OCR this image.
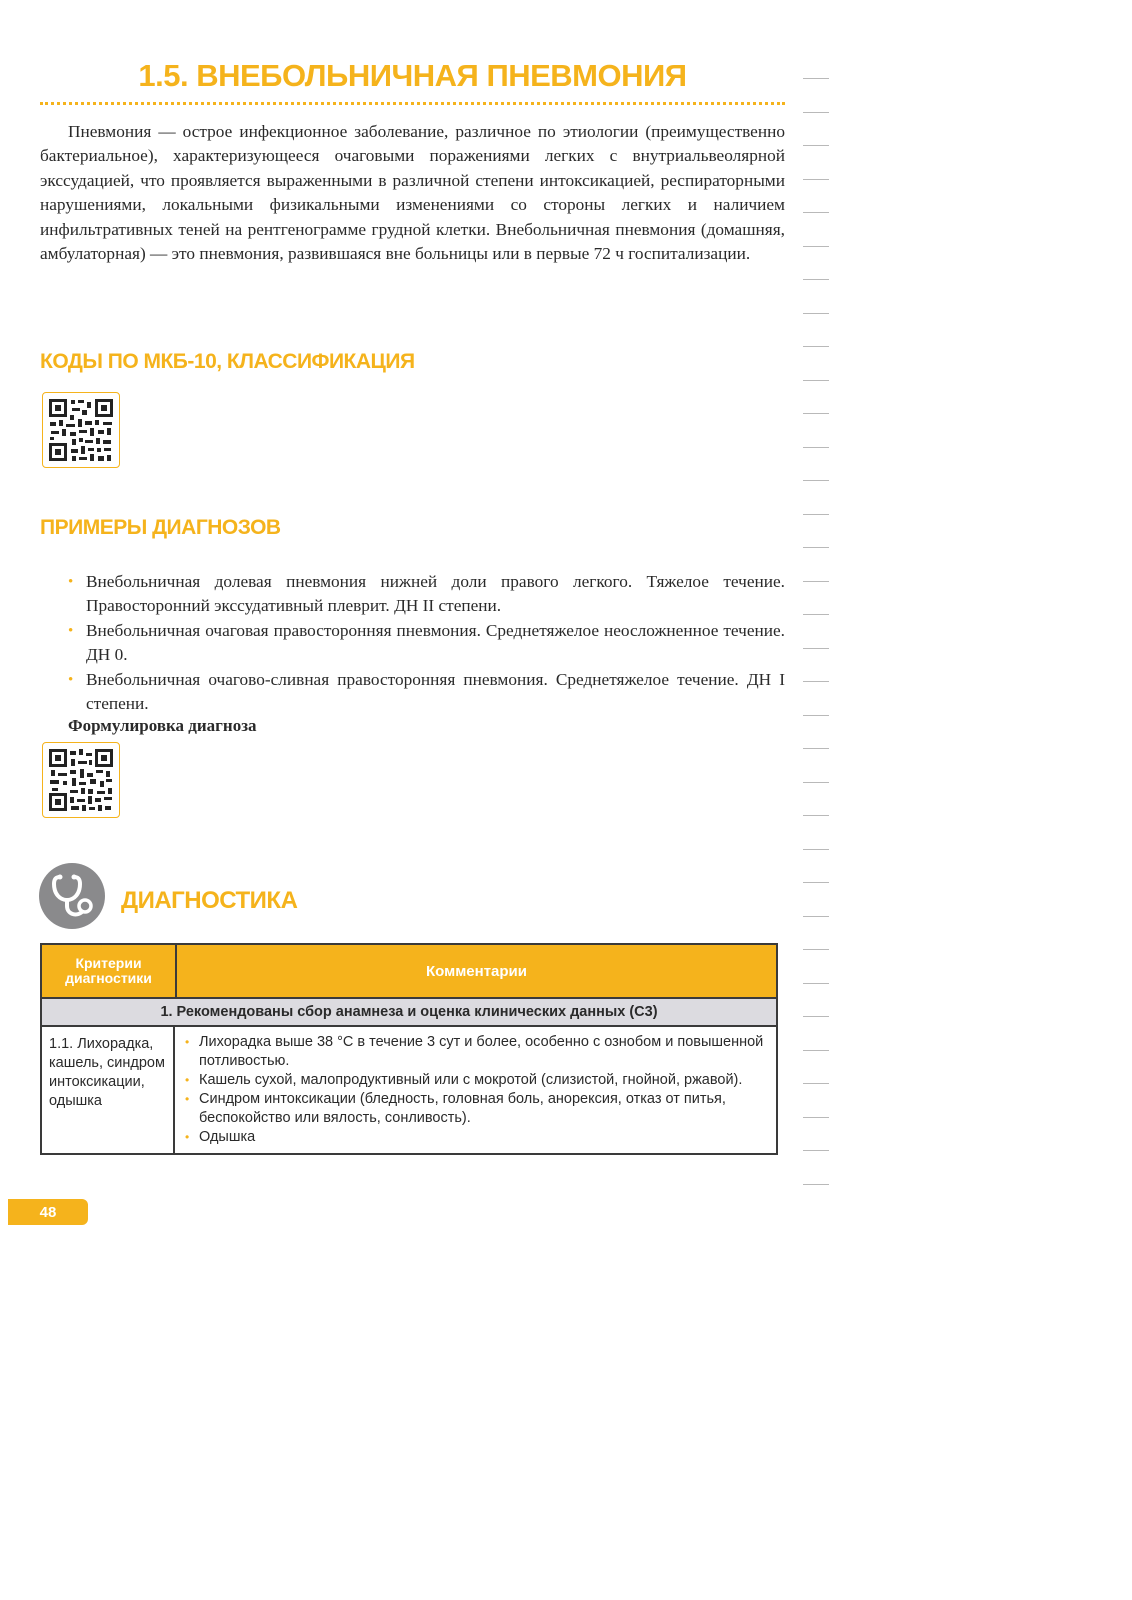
1.5. ВНЕБОЛЬНИЧНАЯ ПНЕВМОНИЯ

Пневмония — острое инфекционное заболевание, различное по этиологии (преимущественно бактериальное), характеризующееся очаговыми поражениями легких с внутриальвеолярной экссудацией, что проявляется выраженными в различной степени интоксикацией, респираторными нарушениями, локальными физикальными изменениями со стороны легких и наличием инфильтративных теней на рентгенограмме грудной клетки. Внебольничная пневмония (домашняя, амбулаторная) — это пневмония, развившаяся вне больницы или в первые 72 ч госпитализации.

КОДЫ ПО МКБ-10, КЛАССИФИКАЦИЯ
ПРИМЕРЫ ДИАГНОЗОВ
• Внебольничная долевая пневмония нижней доли правого легкого. Тяжелое течение. Правосторонний экссудативный плеврит. ДН II степени.
• Внебольничная очаговая правосторонняя пневмония. Среднетяжелое неосложненное течение. ДН 0.
• Внебольничная очагово-сливная правосторонняя пневмония. Среднетяжелое течение. ДН I степени.
Формулировка диагноза
ДИАГНОСТИКА
Критерии диагностики	Комментарии
1. Рекомендованы сбор анамнеза и оценка клинических данных (С3)
1.1. Лихорадка, кашель, синдром интоксикации, одышка
• Лихорадка выше 38 °С в течение 3 сут и более, особенно с ознобом и повышенной потливостью.
• Кашель сухой, малопродуктивный или с мокротой (слизистой, гнойной, ржавой).
• Синдром интоксикации (бледность, головная боль, анорексия, отказ от питья, беспокойство или вялость, сонливость).
• Одышка
48
